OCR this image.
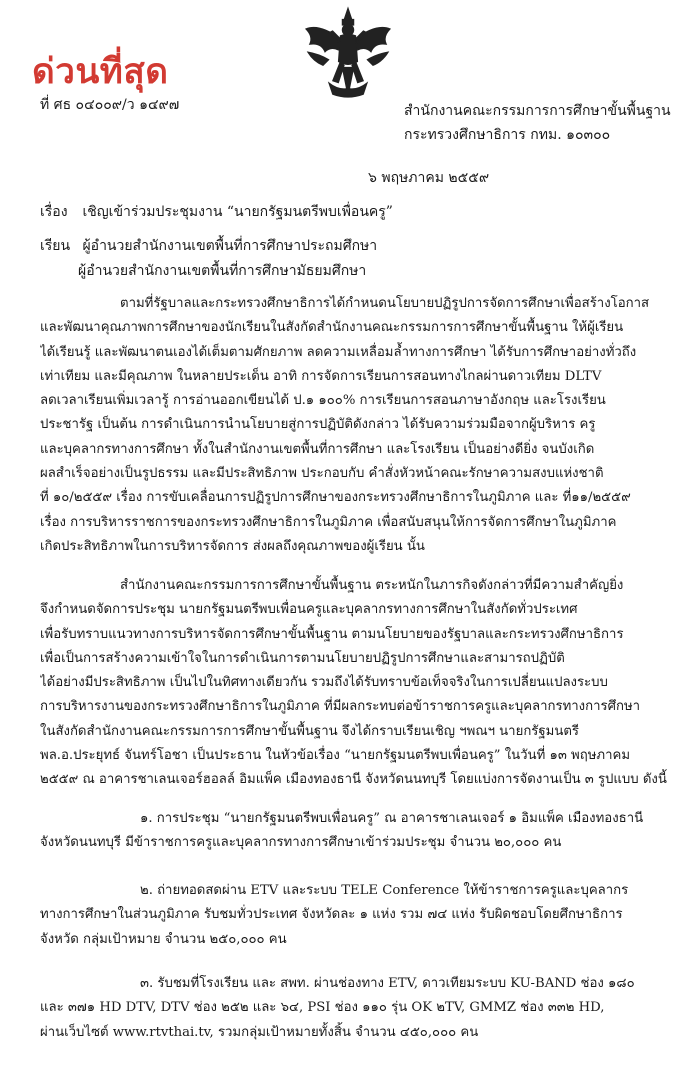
ด่วนที่สุด
ที่ ศธ ๐๔๐๐๙/ว ๑๔๙๗	สำนักงานคณะกรรมการการศึกษาขั้นพื้นฐาน
กระทรวงศึกษาธิการ กทม. ๑๐๓๐๐
๖ พฤษภาคม ๒๕๕๙
เรื่อง เชิญเข้าร่วมประชุมงาน “นายกรัฐมนตรีพบเพื่อนครู”
เรียน ผู้อำนวยสำนักงานเขตพื้นที่การศึกษาประถมศึกษา
ผู้อำนวยสำนักงานเขตพื้นที่การศึกษามัธยมศึกษา
ตามที่รัฐบาลและกระทรวงศึกษาธิการได้กำหนดนโยบายปฏิรูปการจัดการศึกษาเพื่อสร้างโอกาส
และพัฒนาคุณภาพการศึกษาของนักเรียนในสังกัดสำนักงานคณะกรรมการการศึกษาขั้นพื้นฐาน ให้ผู้เรียน
ได้เรียนรู้ และพัฒนาตนเองได้เต็มตามศักยภาพ ลดความเหลื่อมล้ำทางการศึกษา ได้รับการศึกษาอย่างทั่วถึง
เท่าเทียม และมีคุณภาพ ในหลายประเด็น อาทิ การจัดการเรียนการสอนทางไกลผ่านดาวเทียม DLTV
ลดเวลาเรียนเพิ่มเวลารู้ การอ่านออกเขียนได้ ป.๑ ๑๐๐% การเรียนการสอนภาษาอังกฤษ และโรงเรียน
ประชารัฐ เป็นต้น การดำเนินการนำนโยบายสู่การปฏิบัติดังกล่าว ได้รับความร่วมมือจากผู้บริหาร ครู
และบุคลากรทางการศึกษา ทั้งในสำนักงานเขตพื้นที่การศึกษา และโรงเรียน เป็นอย่างดียิ่ง จนบังเกิด
ผลสำเร็จอย่างเป็นรูปธรรม และมีประสิทธิภาพ ประกอบกับ คำสั่งหัวหน้าคณะรักษาความสงบแห่งชาติ
ที่ ๑๐/๒๕๕๙ เรื่อง การขับเคลื่อนการปฏิรูปการศึกษาของกระทรวงศึกษาธิการในภูมิภาค และ ที่๑๑/๒๕๕๙
เรื่อง การบริหารราชการของกระทรวงศึกษาธิการในภูมิภาค เพื่อสนับสนุนให้การจัดการศึกษาในภูมิภาค
เกิดประสิทธิภาพในการบริหารจัดการ ส่งผลถึงคุณภาพของผู้เรียน นั้น
สำนักงานคณะกรรมการการศึกษาขั้นพื้นฐาน ตระหนักในภารกิจดังกล่าวที่มีความสำคัญยิ่ง
จึงกำหนดจัดการประชุม นายกรัฐมนตรีพบเพื่อนครูและบุคลากรทางการศึกษาในสังกัดทั่วประเทศ
เพื่อรับทราบแนวทางการบริหารจัดการศึกษาขั้นพื้นฐาน ตามนโยบายของรัฐบาลและกระทรวงศึกษาธิการ
เพื่อเป็นการสร้างความเข้าใจในการดำเนินการตามนโยบายปฏิรูปการศึกษาและสามารถปฏิบัติ
ได้อย่างมีประสิทธิภาพ เป็นไปในทิศทางเดียวกัน รวมถึงได้รับทราบข้อเท็จจริงในการเปลี่ยนแปลงระบบ
การบริหารงานของกระทรวงศึกษาธิการในภูมิภาค ที่มีผลกระทบต่อข้าราชการครูและบุคลากรทางการศึกษา
ในสังกัดสำนักงานคณะกรรมการการศึกษาขั้นพื้นฐาน จึงได้กราบเรียนเชิญ ฯพณฯ นายกรัฐมนตรี
พล.อ.ประยุทธ์ จันทร์โอชา เป็นประธาน ในหัวข้อเรื่อง “นายกรัฐมนตรีพบเพื่อนครู” ในวันที่ ๑๓ พฤษภาคม
๒๕๕๙ ณ อาคารชาเลนเจอร์ฮอลล์ อิมแพ็ค เมืองทองธานี จังหวัดนนทบุรี โดยแบ่งการจัดงานเป็น ๓ รูปแบบ ดังนี้
๑. การประชุม “นายกรัฐมนตรีพบเพื่อนครู” ณ อาคารชาเลนเจอร์ ๑ อิมแพ็ค เมืองทองธานี
จังหวัดนนทบุรี มีข้าราชการครูและบุคลากรทางการศึกษาเข้าร่วมประชุม จำนวน ๒๐,๐๐๐ คน
๒. ถ่ายทอดสดผ่าน ETV และระบบ TELE Conference ให้ข้าราชการครูและบุคลากร
ทางการศึกษาในส่วนภูมิภาค รับชมทั่วประเทศ จังหวัดละ ๑ แห่ง รวม ๗๔ แห่ง รับผิดชอบโดยศึกษาธิการ
จังหวัด กลุ่มเป้าหมาย จำนวน ๒๕๐,๐๐๐ คน
๓. รับชมที่โรงเรียน และ สพท. ผ่านช่องทาง ETV, ดาวเทียมระบบ KU-BAND ช่อง ๑๘๐
และ ๓๗๑ HD DTV, DTV ช่อง ๒๕๒ และ ๖๔, PSI ช่อง ๑๑๐ รุ่น OK ๒TV, GMMZ ช่อง ๓๓๒ HD,
ผ่านเว็บไซต์ www.rtvthai.tv, รวมกลุ่มเป้าหมายทั้งสิ้น จำนวน ๔๕๐,๐๐๐ คน
